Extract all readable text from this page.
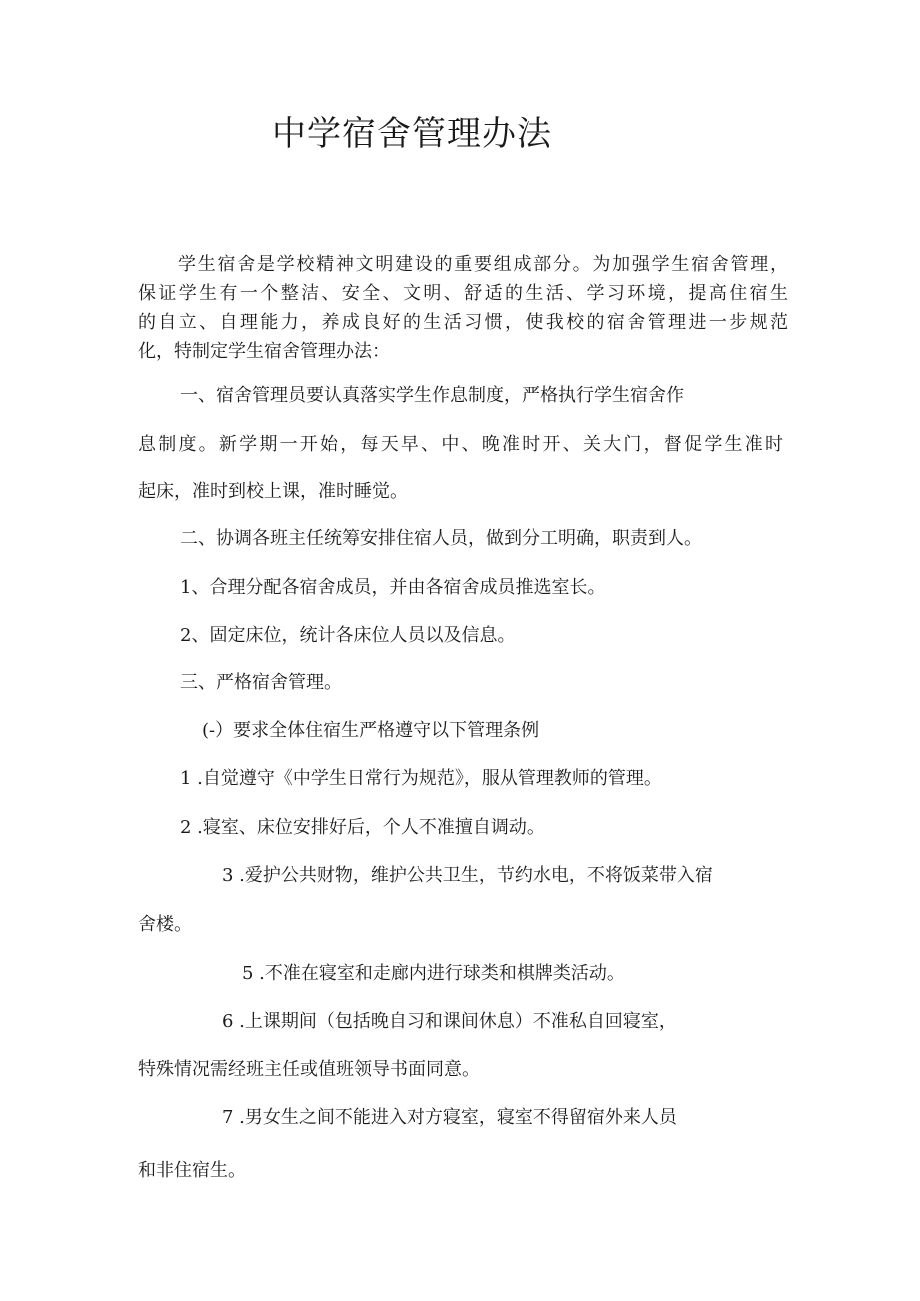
中学宿舍管理办法
学生宿舍是学校精神文明建设的重要组成部分。为加强学生宿舍管理，
保证学生有一个整洁、安全、文明、舒适的生活、学习环境，提高住宿生
的自立、自理能力，养成良好的生活习惯，使我校的宿舍管理进一步规范
化，特制定学生宿舍管理办法：

一、宿舍管理员要认真落实学生作息制度，严格执行学生宿舍作

息制度。新学期一开始，每天早、中、晚准时开、关大门，督促学生准时

起床，准时到校上课，准时睡觉。

二、协调各班主任统筹安排住宿人员，做到分工明确，职责到人。

1、合理分配各宿舍成员，并由各宿舍成员推选室长。

2、固定床位，统计各床位人员以及信息。

三、严格宿舍管理。

(-）要求全体住宿生严格遵守以下管理条例

1 .自觉遵守《中学生日常行为规范》，服从管理教师的管理。

2 .寝室、床位安排好后，个人不准擅自调动。

3 .爱护公共财物，维护公共卫生，节约水电，不将饭菜带入宿

舍楼。

5 .不准在寝室和走廊内进行球类和棋牌类活动。

6 .上课期间（包括晚自习和课间休息）不准私自回寝室，

特殊情况需经班主任或值班领导书面同意。

7 .男女生之间不能进入对方寝室，寝室不得留宿外来人员

和非住宿生。
